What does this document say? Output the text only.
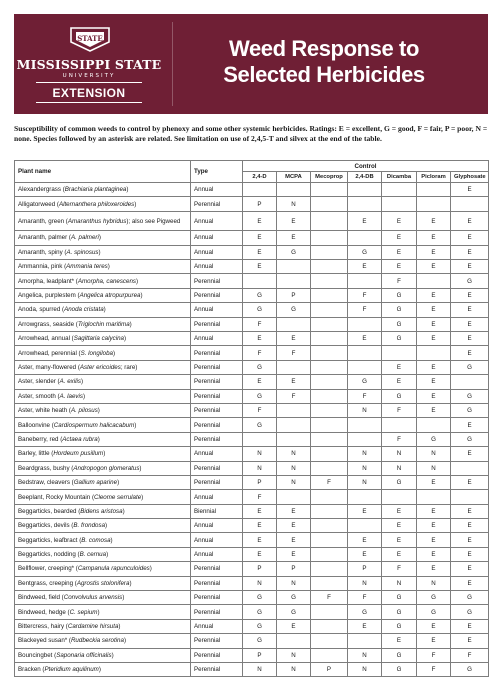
STATE
MISSISSIPPI STATE
UNIVERSITY
EXTENSION
Weed Response to
Selected Herbicides

Susceptibility of common weeds to control by phenoxy and some other systemic herbicides. Ratings: E = excellent, G = good, F = fair, P = poor, N = none. Species followed by an asterisk are related. See limitation on use of 2,4,5-T and silvex at the end of the table.

Plant name	Type	Control						
		2,4-D	MCPA	Mecoprop	2,4-DB	Dicamba	Picloram	Glyphosate
Alexandergrass (Brachiaria plantaginea)	Annual							E
Alligatorweed (Alternanthera philoxeroides)	Perennial	P	N					
Amaranth, green (Amaranthus hybridus); also see Pigweed	Annual	E	E		E	E	E	E
Amaranth, palmer (A. palmeri)	Annual	E	E			E	E	E
Amaranth, spiny (A. spinosus)	Annual	E	G		G	E	E	E
Ammannia, pink (Ammania teres)	Annual	E			E	E	E	E
Amorpha, leadplant* (Amorpha, canescens)	Perennial					F		G
Angelica, purplestem (Angelica atropurpurea)	Perennial	G	P		F	G	E	E
Anoda, spurred (Anoda cristata)	Annual	G	G		F	G	E	E
Arrowgrass, seaside (Triglochin maritima)	Perennial	F				G	E	E
Arrowhead, annual (Sagittaria calycina)	Annual	E	E		E	G	E	E
Arrowhead, perennial (S. longiloba)	Perennial	F	F					E
Aster, many-flowered (Aster ericoides; rare)	Perennial	G				E	E	G
Aster, slender (A. exilis)	Perennial	E	E		G	E	E	
Aster, smooth (A. laevis)	Perennial	G	F		F	G	E	G
Aster, white heath (A. pilosus)	Perennial	F			N	F	E	G
Balloonvine (Cardiospermum halicacabum)	Perennial	G						E
Baneberry, red (Actaea rubra)	Perennial					F	G	G
Barley, little (Hordeum pusillum)	Annual	N	N		N	N	N	E
Beardgrass, bushy (Andropogon glomeratus)	Perennial	N	N		N	N	N	
Bedstraw, cleavers (Gallium aparine)	Perennial	P	N	F	N	G	E	E
Beeplant, Rocky Mountain (Cleome serrulate)	Annual	F						
Beggarticks, bearded (Bidens aristosa)	Biennial	E	E		E	E	E	E
Beggarticks, devils (B. frondosa)	Annual	E	E			E	E	E
Beggarticks, leafbract (B. comosa)	Annual	E	E		E	E	E	E
Beggarticks, nodding (B. cernua)	Annual	E	E		E	E	E	E
Bellflower, creeping* (Campanula rapunculoides)	Perennial	P	P		P	F	E	E
Bentgrass, creeping (Agrostis stolonifera)	Perennial	N	N		N	N	N	E
Bindweed, field (Convolvulus arvensis)	Perennial	G	G	F	F	G	G	G
Bindweed, hedge (C. sepium)	Perennial	G	G		G	G	G	G
Bittercress, hairy (Cardamine hirsuta)	Annual	G	E		E	G	E	E
Blackeyed susan* (Rudbeckia serotina)	Perennial	G				E	E	E
Bouncingbet (Saponaria officinalis)	Perennial	P	N		N	G	F	F
Bracken (Pteridium aquilinum)	Perennial	N	N	P	N	G	F	G
